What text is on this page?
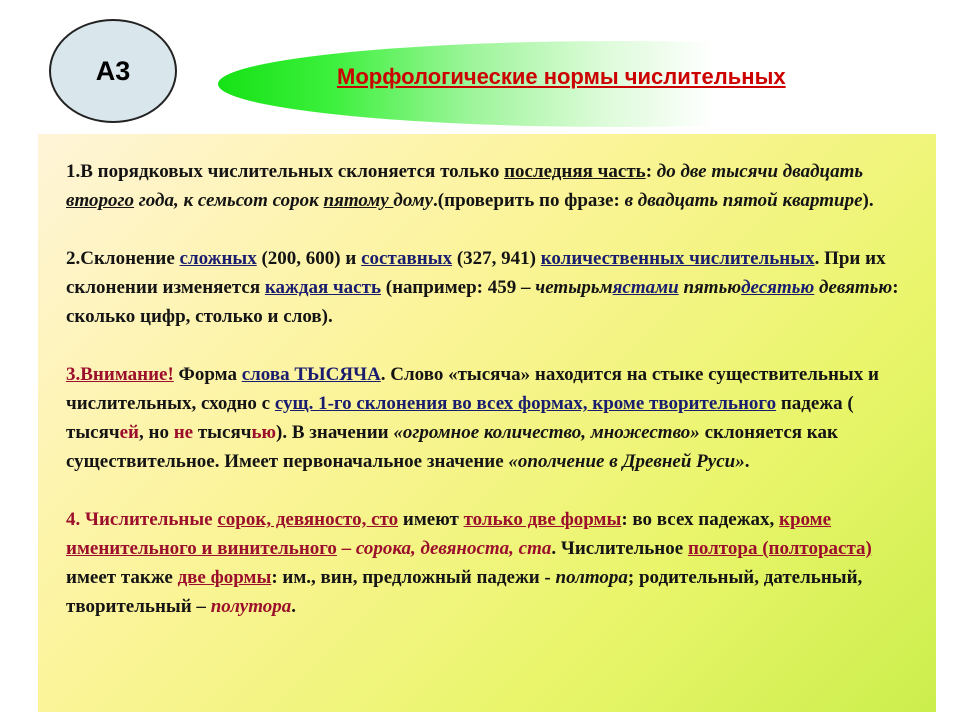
А3	Морфологические нормы числительных

1.В порядковых числительных склоняется только последняя часть: до две тысячи двадцать второго года, к семьсот сорок пятому дому.(проверить по фразе: в двадцать пятой квартире).

2.Склонение сложных (200, 600) и составных (327, 941) количественных числительных. При их склонении изменяется каждая часть (например: 459 – четырьмястами пятьюдесятью девятью: сколько цифр, столько и слов).

3.Внимание! Форма слова ТЫСЯЧА. Слово «тысяча» находится на стыке существительных и числительных, сходно с сущ. 1-го склонения во всех формах, кроме творительного падежа ( тысячей, но не тысячью). В значении «огромное количество, множество» склоняется как существительное. Имеет первоначальное значение «ополчение в Древней Руси».

4. Числительные сорок, девяносто, сто имеют только две формы: во всех падежах, кроме именительного и винительного – сорока, девяноста, ста. Числительное полтора (полтораста) имеет также две формы: им., вин, предложный падежи - полтора; родительный, дательный, творительный – полутора.
